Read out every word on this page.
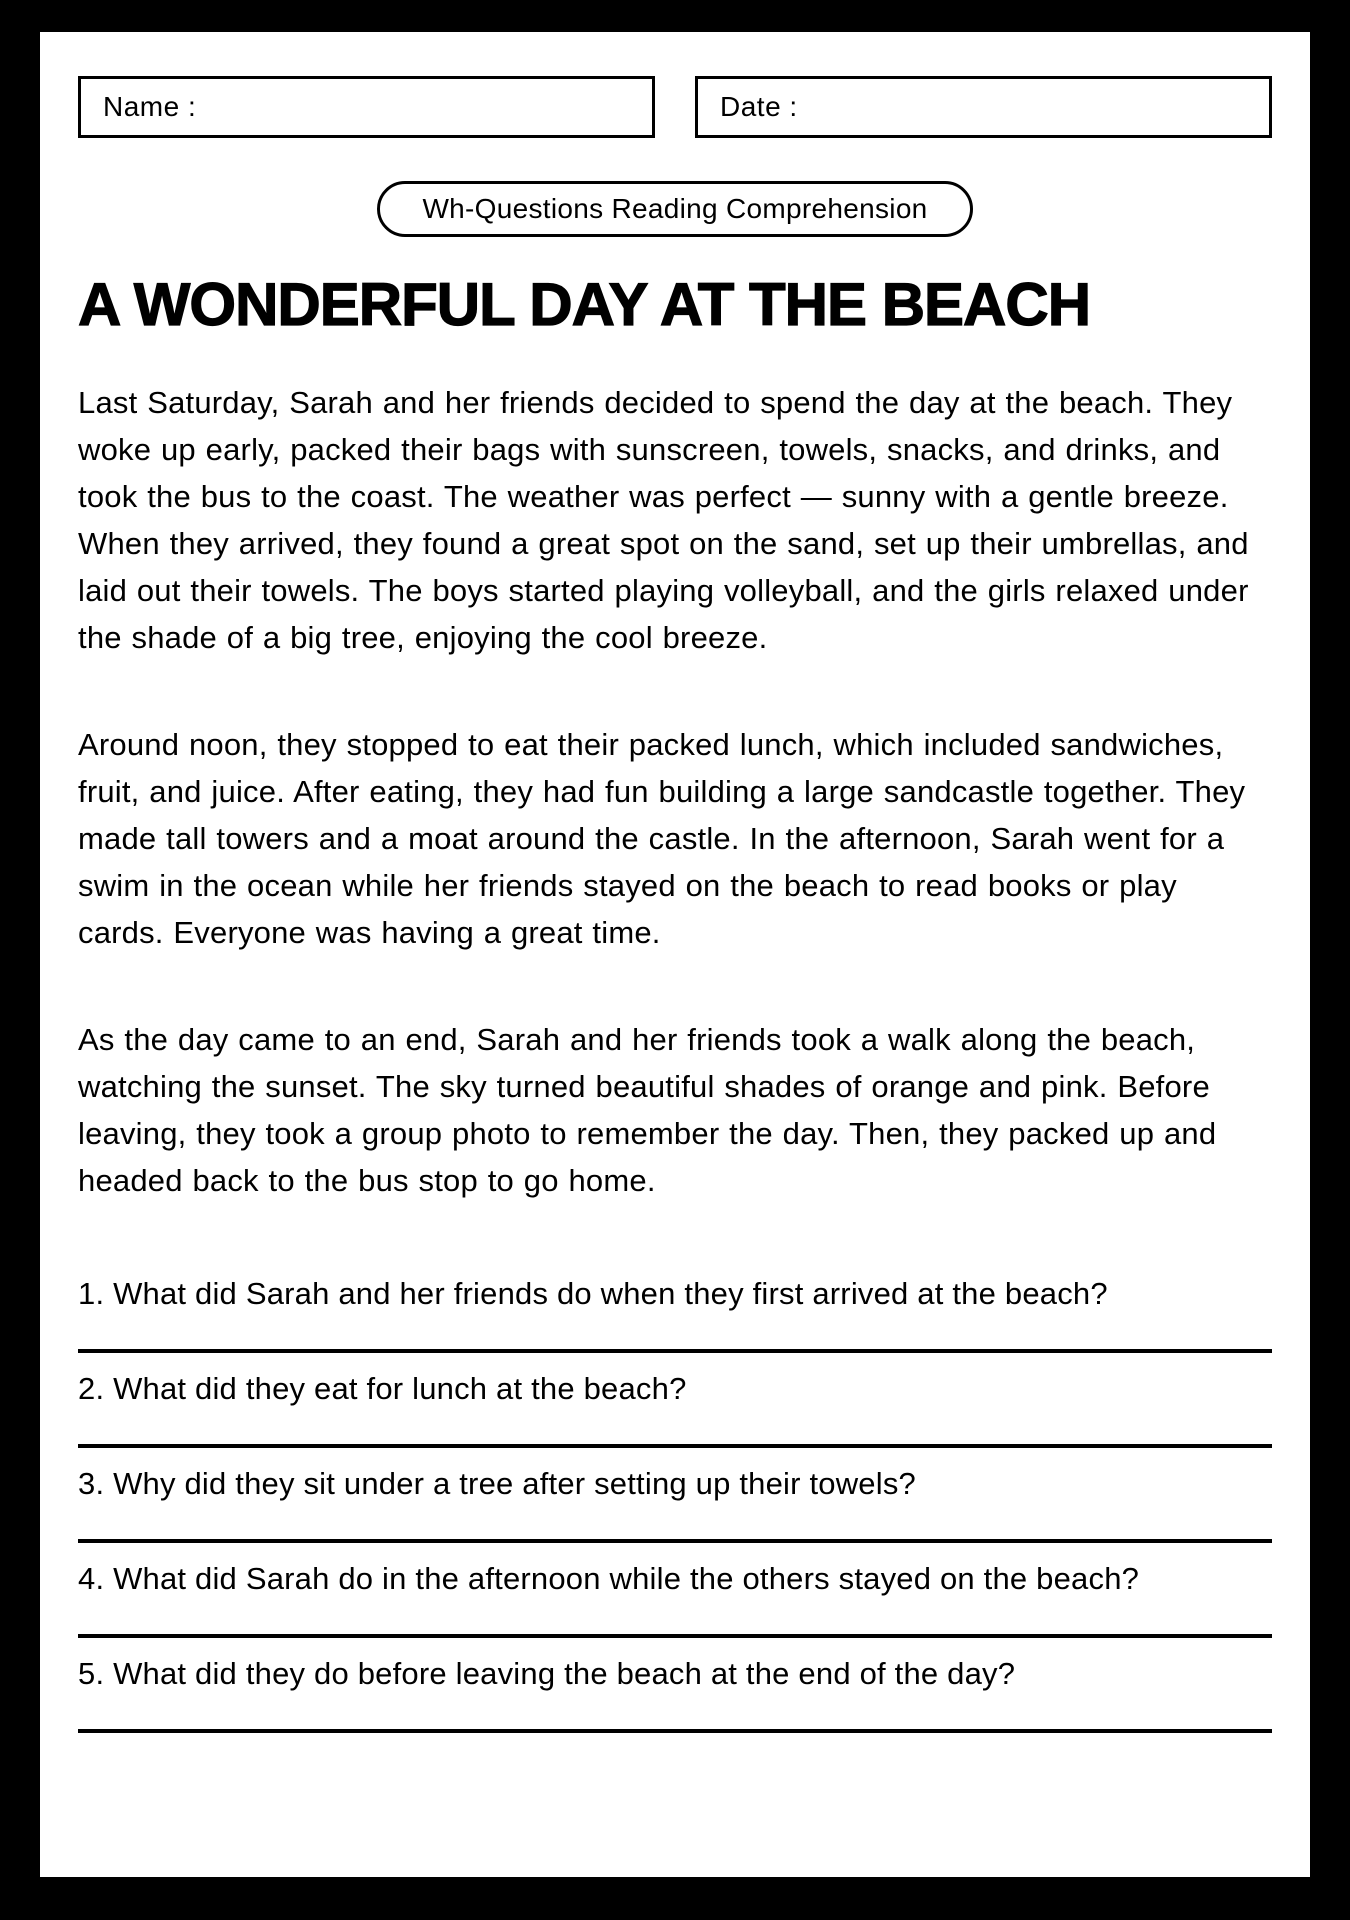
Name :	Date :
Wh-Questions Reading Comprehension
A WONDERFUL DAY AT THE BEACH

Last Saturday, Sarah and her friends decided to spend the day at the beach. They woke up early, packed their bags with sunscreen, towels, snacks, and drinks, and took the bus to the coast. The weather was perfect — sunny with a gentle breeze. When they arrived, they found a great spot on the sand, set up their umbrellas, and laid out their towels. The boys started playing volleyball, and the girls relaxed under the shade of a big tree, enjoying the cool breeze.

Around noon, they stopped to eat their packed lunch, which included sandwiches, fruit, and juice. After eating, they had fun building a large sandcastle together. They made tall towers and a moat around the castle. In the afternoon, Sarah went for a swim in the ocean while her friends stayed on the beach to read books or play cards. Everyone was having a great time.

As the day came to an end, Sarah and her friends took a walk along the beach, watching the sunset. The sky turned beautiful shades of orange and pink. Before leaving, they took a group photo to remember the day. Then, they packed up and headed back to the bus stop to go home.

1. What did Sarah and her friends do when they first arrived at the beach?

2. What did they eat for lunch at the beach?

3. Why did they sit under a tree after setting up their towels?

4. What did Sarah do in the afternoon while the others stayed on the beach?

5. What did they do before leaving the beach at the end of the day?
